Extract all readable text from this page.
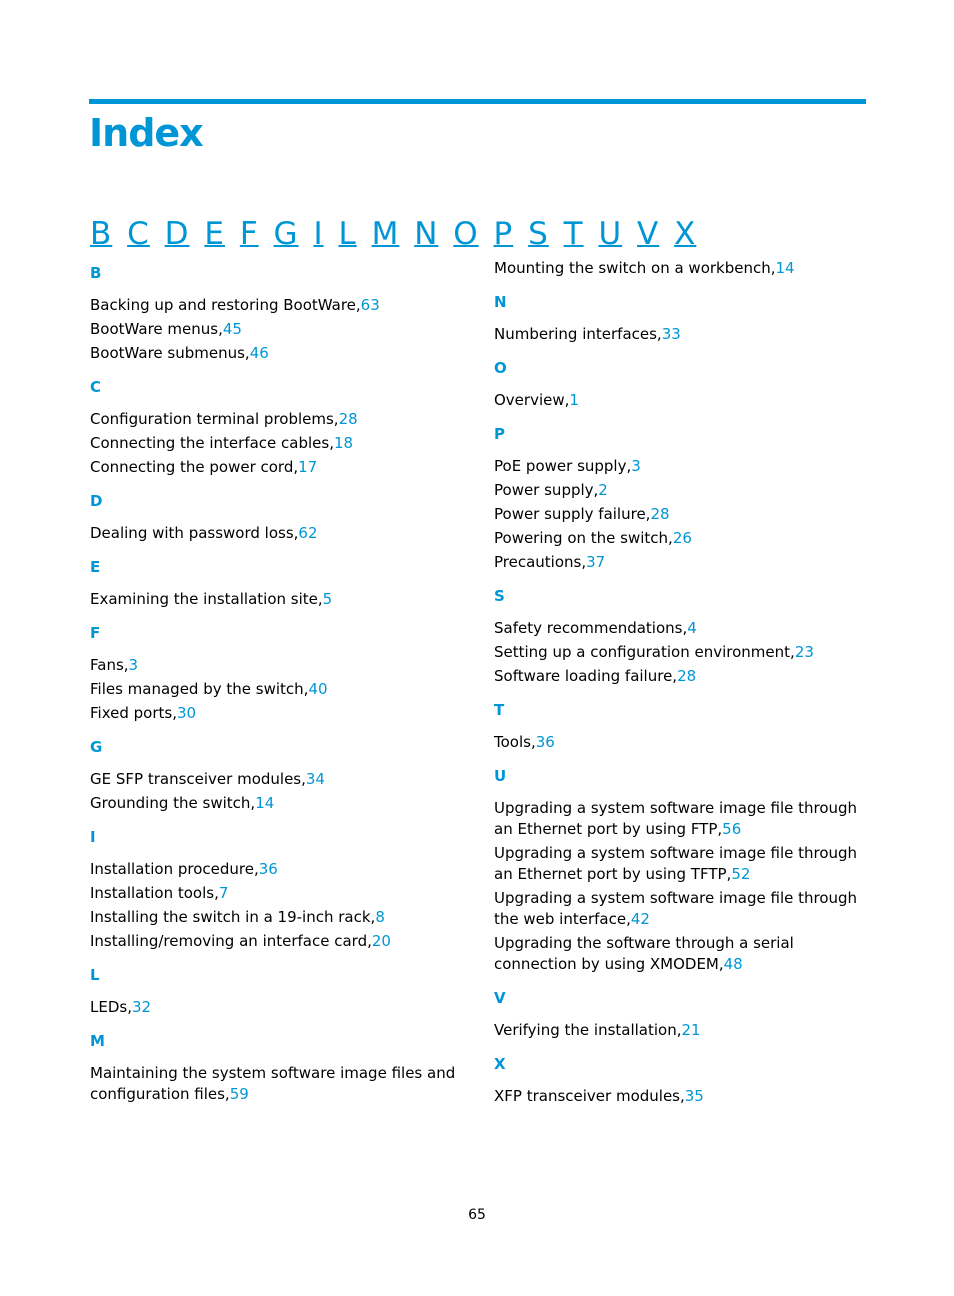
Index
B C D E F G I L M N O P S T U V X
B
Backing up and restoring BootWare,63
BootWare menus,45
BootWare submenus,46
C
Configuration terminal problems,28
Connecting the interface cables,18
Connecting the power cord,17
D
Dealing with password loss,62
E
Examining the installation site,5
F
Fans,3
Files managed by the switch,40
Fixed ports,30
G
GE SFP transceiver modules,34
Grounding the switch,14
I
Installation procedure,36
Installation tools,7
Installing the switch in a 19-inch rack,8
Installing/removing an interface card,20
L
LEDs,32
M
Maintaining the system software image files and configuration files,59
Mounting the switch on a workbench,14
N
Numbering interfaces,33
O
Overview,1
P
PoE power supply,3
Power supply,2
Power supply failure,28
Powering on the switch,26
Precautions,37
S
Safety recommendations,4
Setting up a configuration environment,23
Software loading failure,28
T
Tools,36
U
Upgrading a system software image file through an Ethernet port by using FTP,56
Upgrading a system software image file through an Ethernet port by using TFTP,52
Upgrading a system software image file through the web interface,42
Upgrading the software through a serial connection by using XMODEM,48
V
Verifying the installation,21
X
XFP transceiver modules,35
65
